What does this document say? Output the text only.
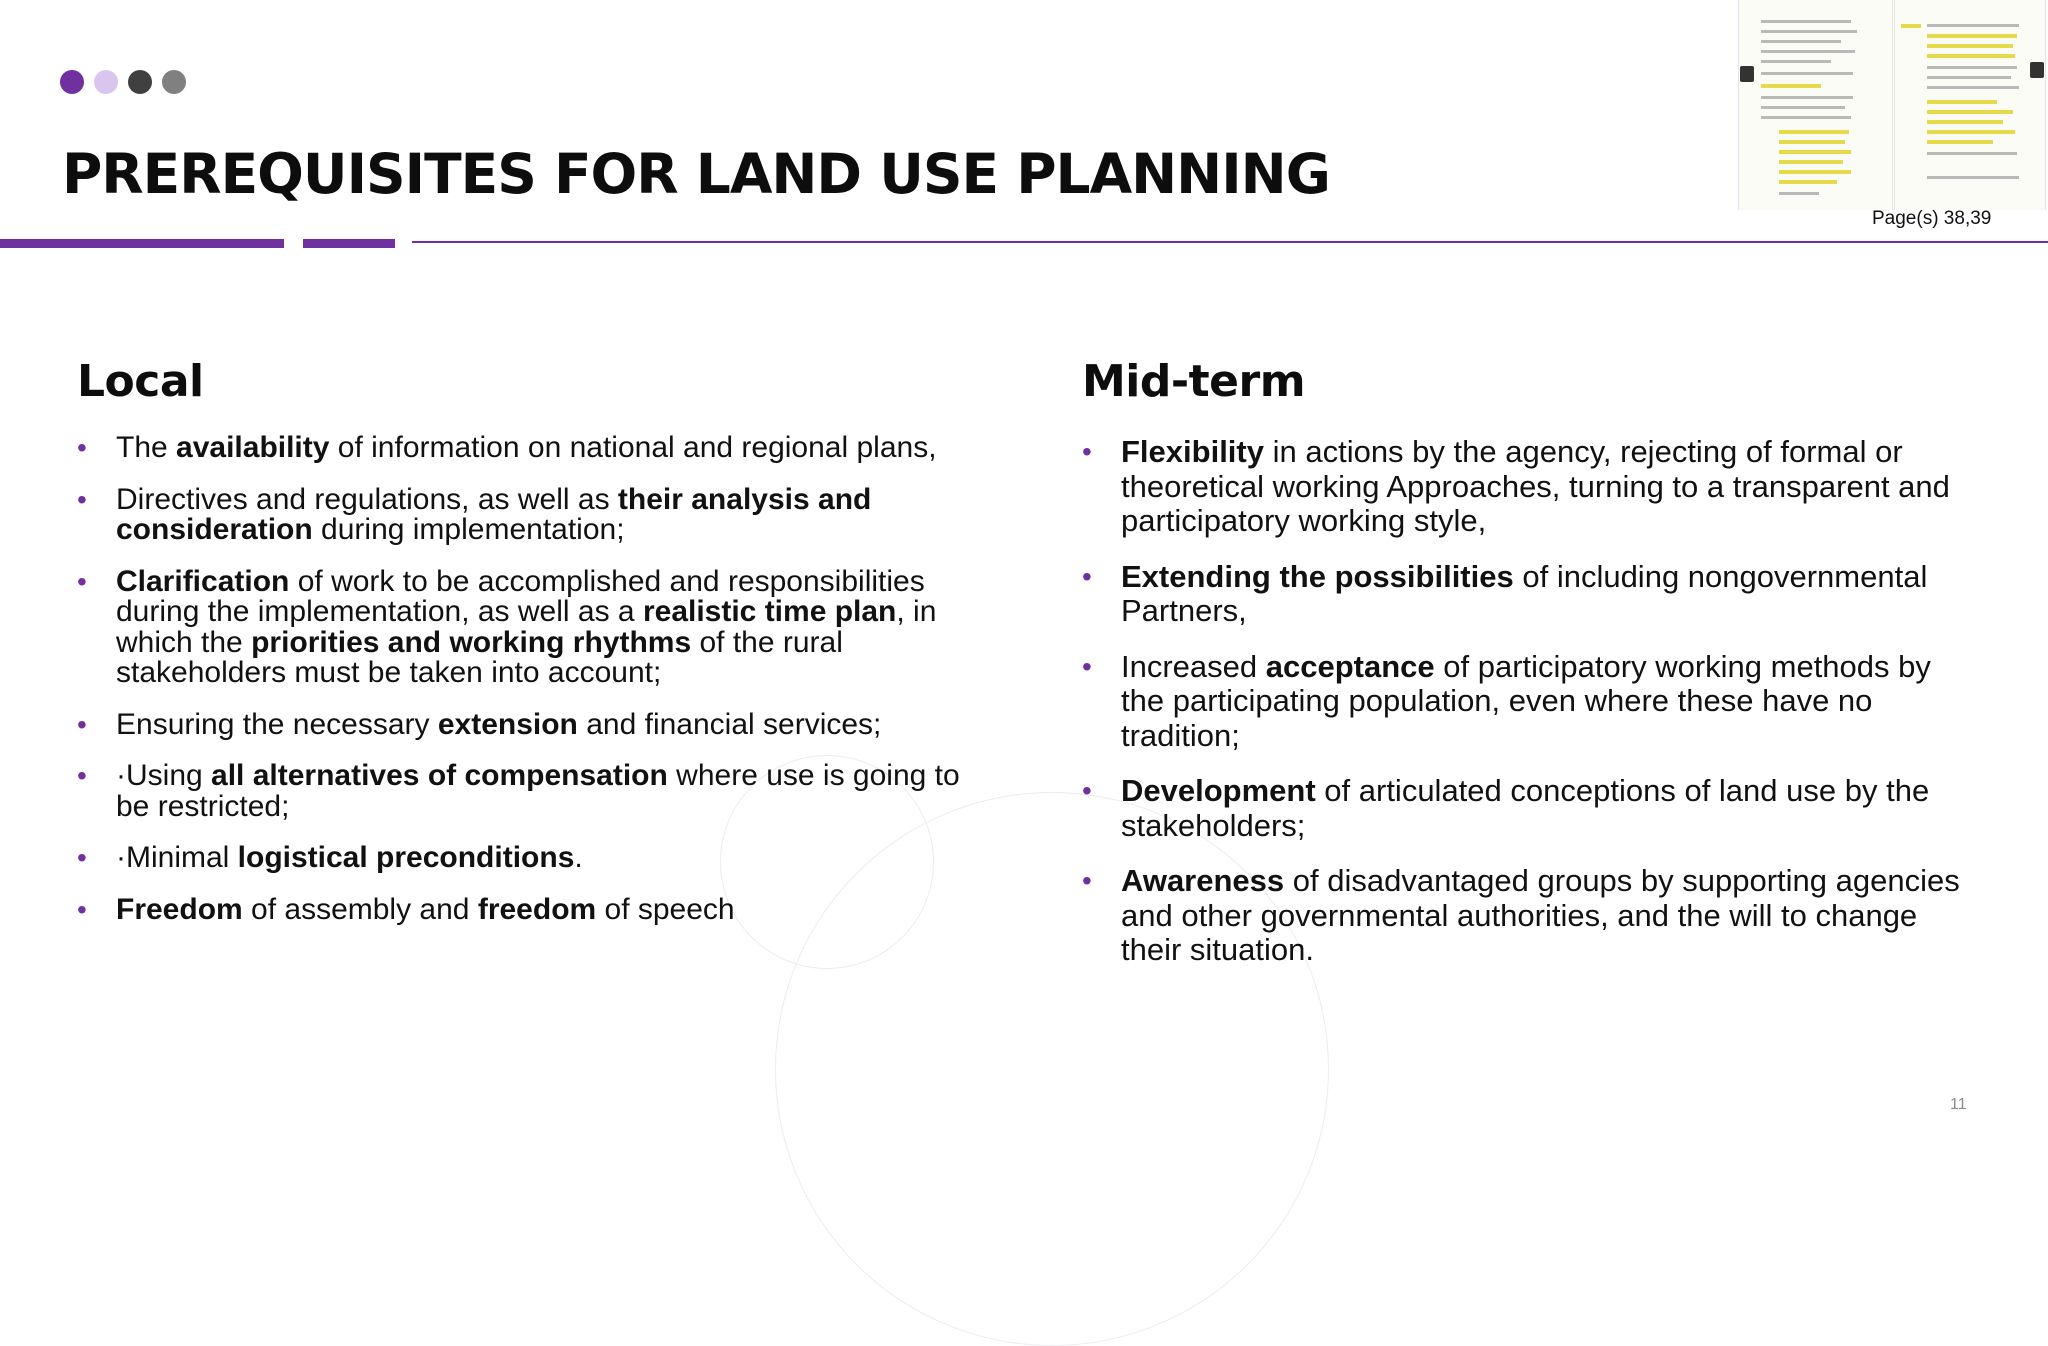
PREREQUISITES FOR LAND USE PLANNING
Page(s) 38,39
Local
• The availability of information on national and regional plans,
• Directives and regulations, as well as their analysis and consideration during implementation;
• Clarification of work to be accomplished and responsibilities during the implementation, as well as a realistic time plan, in which the priorities and working rhythms of the rural stakeholders must be taken into account;
• Ensuring the necessary extension and financial services;
• ·Using all alternatives of compensation where use is going to be restricted;
• ·Minimal logistical preconditions.
• Freedom of assembly and freedom of speech
Mid-term
• Flexibility in actions by the agency, rejecting of formal or theoretical working Approaches, turning to a transparent and participatory working style,
• Extending the possibilities of including nongovernmental Partners,
• Increased acceptance of participatory working methods by the participating population, even where these have no tradition;
• Development of articulated conceptions of land use by the stakeholders;
• Awareness of disadvantaged groups by supporting agencies and other governmental authorities, and the will to change their situation.
11
